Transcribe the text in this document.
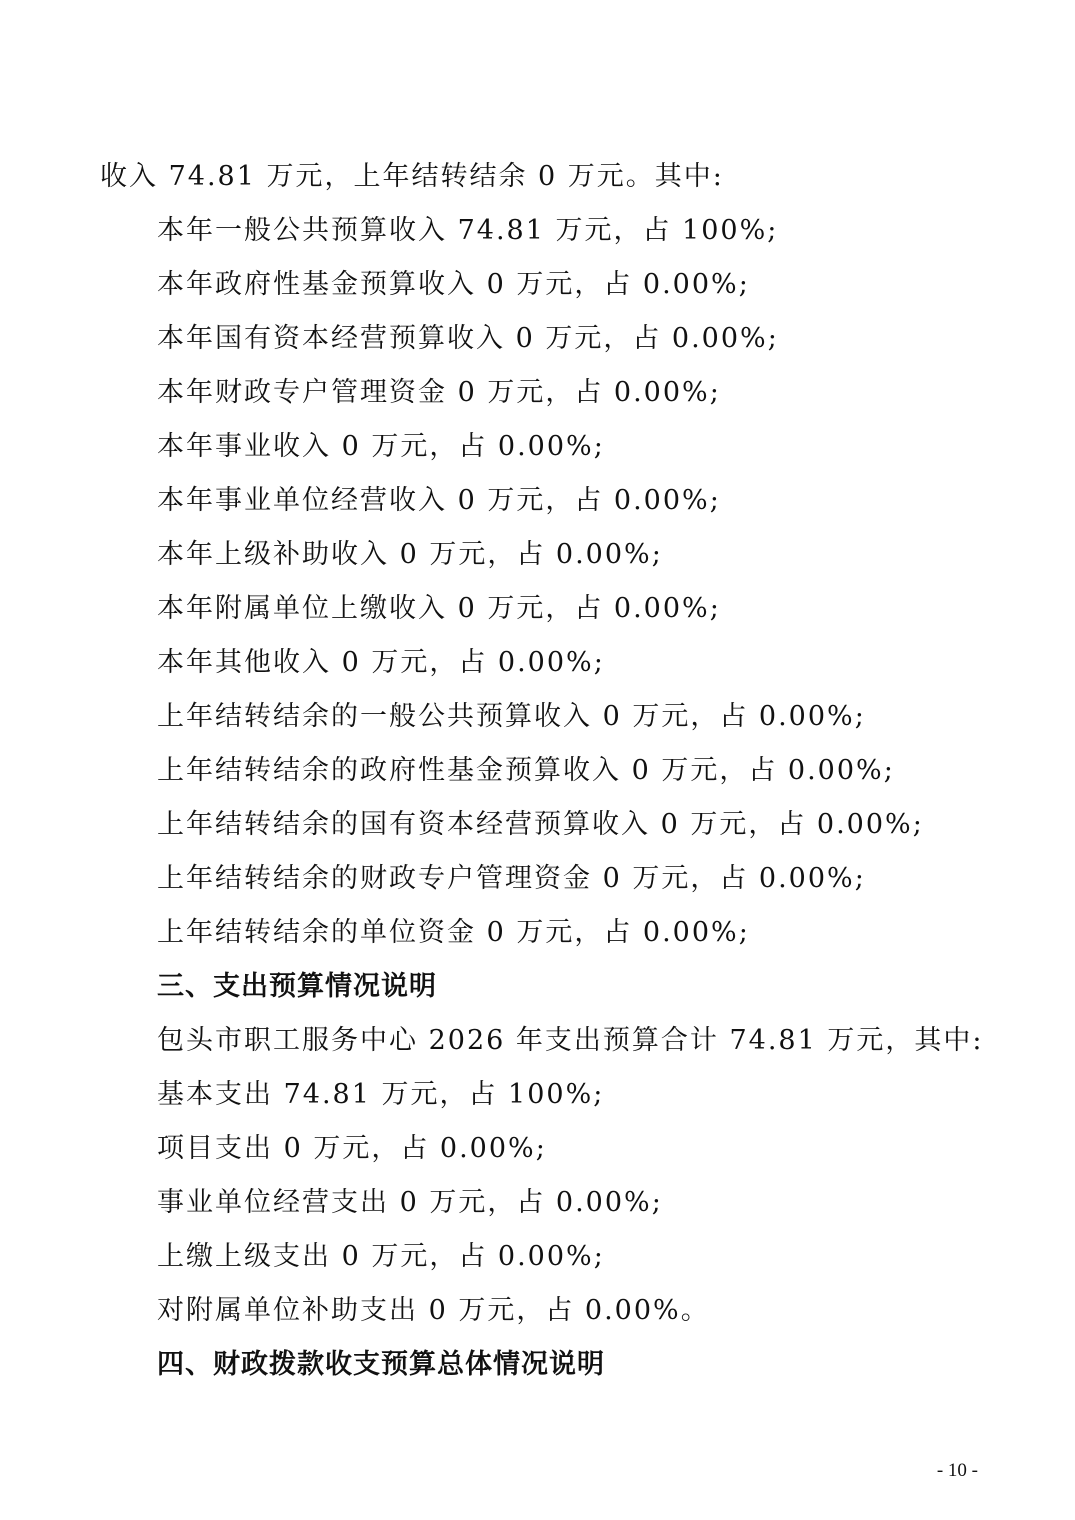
收入 74.81 万元，上年结转结余 0 万元。其中:
本年一般公共预算收入 74.81 万元，占 100%;
本年政府性基金预算收入 0 万元，占 0.00%;
本年国有资本经营预算收入 0 万元，占 0.00%;
本年财政专户管理资金 0 万元，占 0.00%;
本年事业收入 0 万元，占 0.00%;
本年事业单位经营收入 0 万元，占 0.00%;
本年上级补助收入 0 万元，占 0.00%;
本年附属单位上缴收入 0 万元，占 0.00%;
本年其他收入 0 万元，占 0.00%;
上年结转结余的一般公共预算收入 0 万元，占 0.00%;
上年结转结余的政府性基金预算收入 0 万元，占 0.00%;
上年结转结余的国有资本经营预算收入 0 万元，占 0.00%;
上年结转结余的财政专户管理资金 0 万元，占 0.00%;
上年结转结余的单位资金 0 万元，占 0.00%;
三、支出预算情况说明
包头市职工服务中心 2026 年支出预算合计 74.81 万元，其中:
基本支出 74.81 万元，占 100%;
项目支出 0 万元，占 0.00%;
事业单位经营支出 0 万元，占 0.00%;
上缴上级支出 0 万元，占 0.00%;
对附属单位补助支出 0 万元，占 0.00%。
四、财政拨款收支预算总体情况说明
- 10 -
